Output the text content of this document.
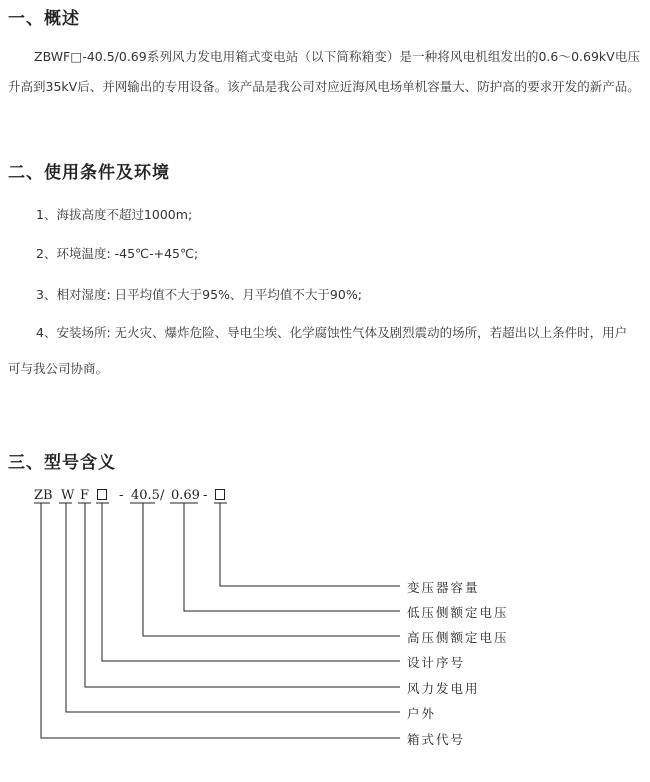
一、概述
ZBWF□-40.5/0.69系列风力发电用箱式变电站（以下简称箱变）是一种将风电机组发出的0.6～0.69kV电压升高到35kV后、并网输出的专用设备。该产品是我公司对应近海风电场单机容量大、防护高的要求开发的新产品。
二、使用条件及环境
1、海拔高度不超过1000m;
2、环境温度: -45℃-+45℃;
3、相对湿度: 日平均值不大于95%、月平均值不大于90%;
4、安装场所: 无火灾、爆炸危险、导电尘埃、化学腐蚀性气体及剧烈震动的场所，若超出以上条件时，用户
可与我公司协商。
三、型号含义
ZB W F - 40.5 / 0.69 -
变压器容量
低压侧额定电压
高压侧额定电压
设计序号
风力发电用
户外
箱式代号
